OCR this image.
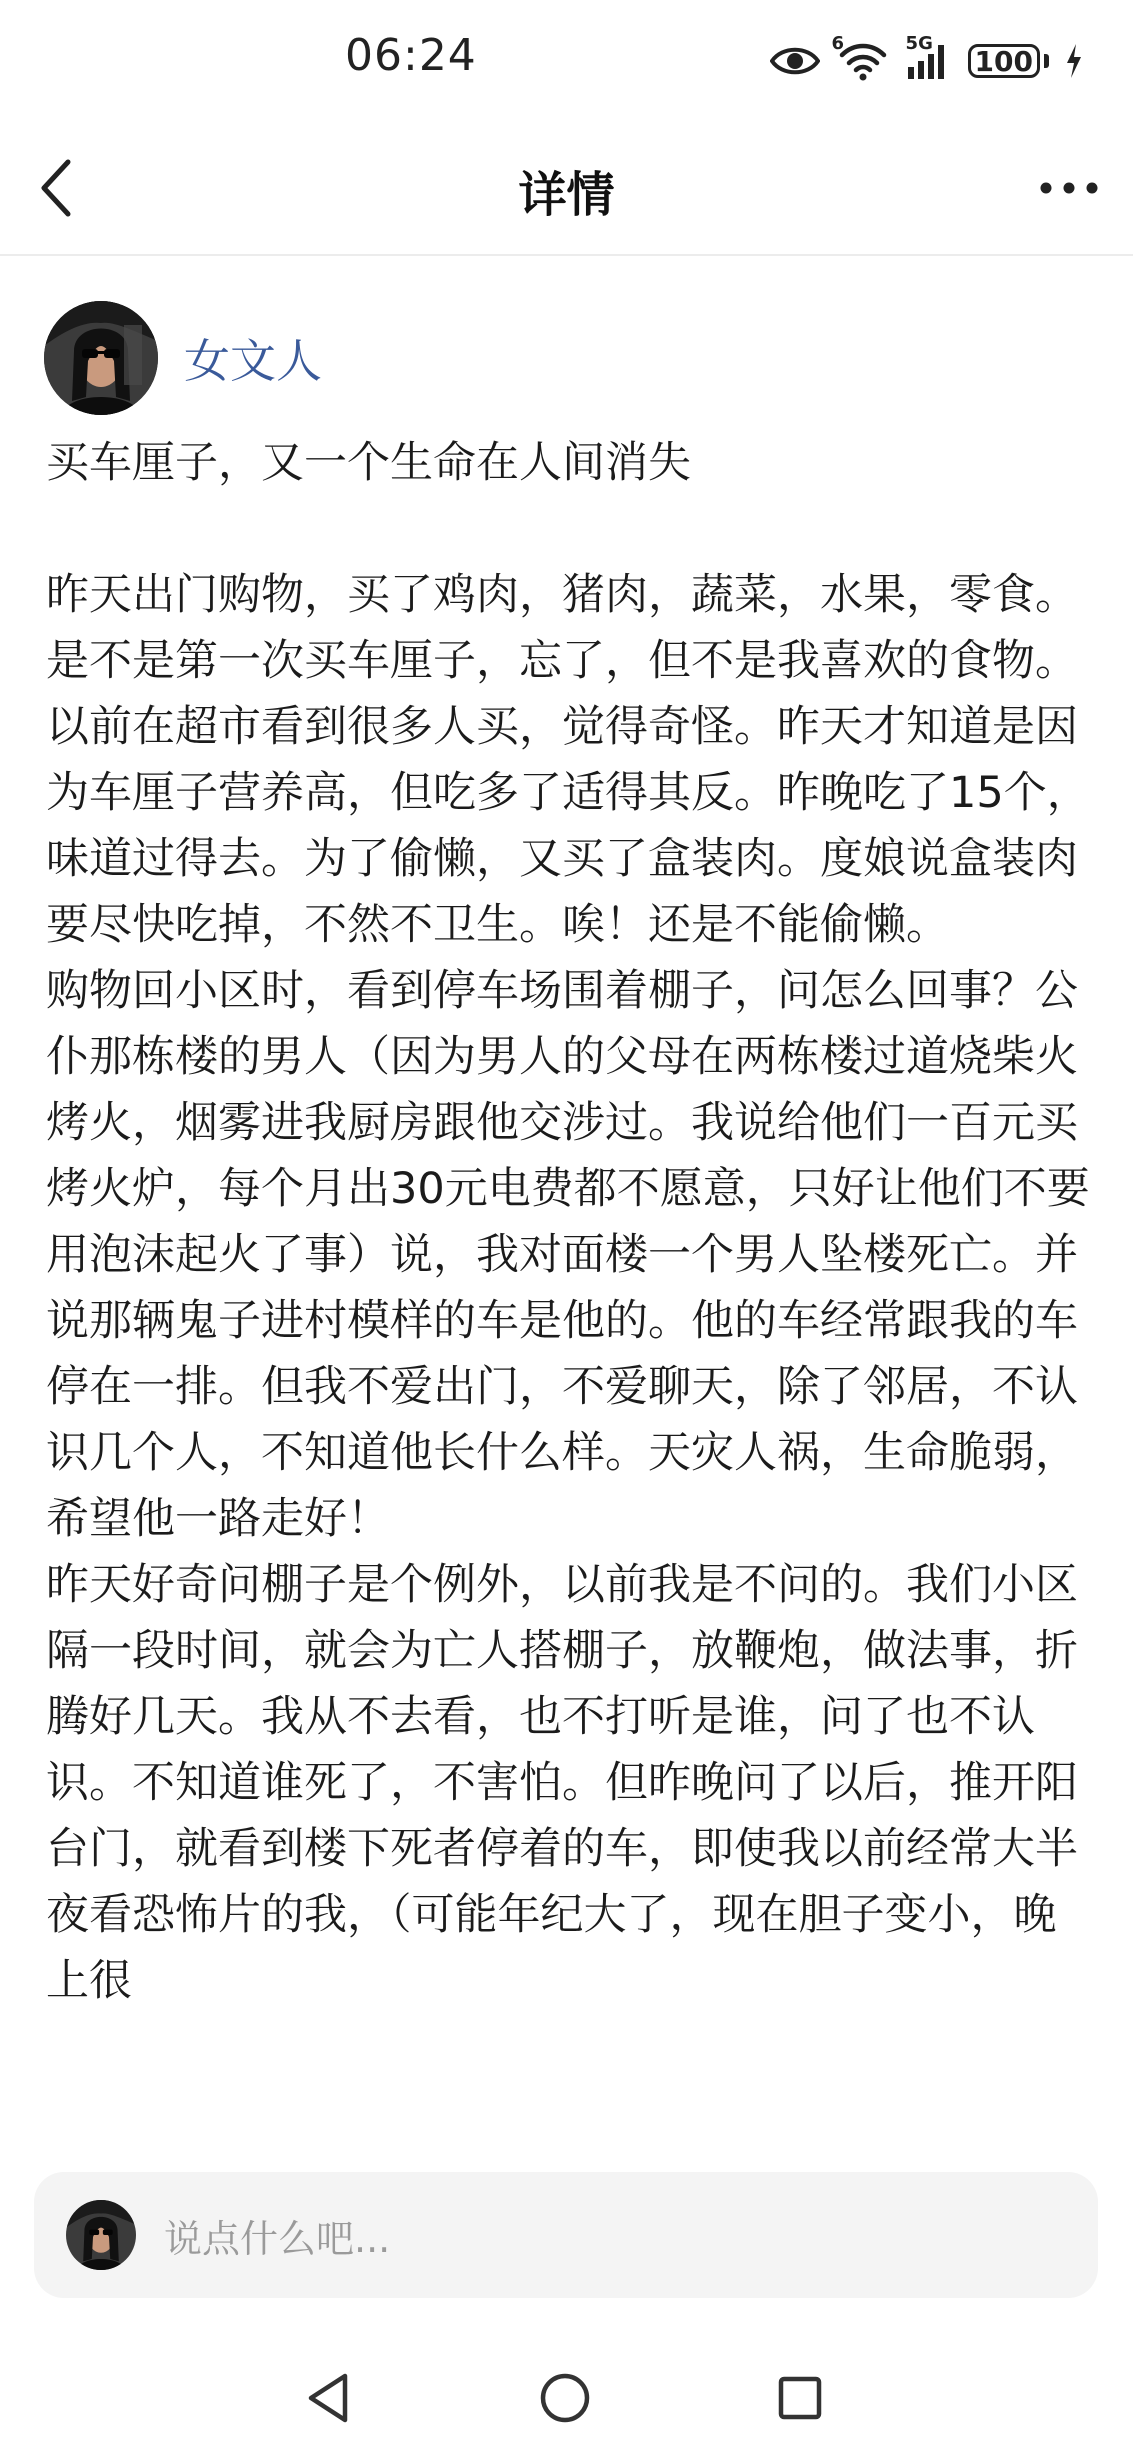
06:24	6	5G
100
详情
女文人

买车厘子，又一个生命在人间消失

昨天出门购物，买了鸡肉，猪肉，蔬菜，水果，零食。是不是第一次买车厘子，忘了，但不是我喜欢的食物。以前在超市看到很多人买，觉得奇怪。昨天才知道是因为车厘子营养高，但吃多了适得其反。昨晚吃了15个，味道过得去。为了偷懒，又买了盒装肉。度娘说盒装肉要尽快吃掉，不然不卫生。唉！还是不能偷懒。

购物回小区时，看到停车场围着棚子，问怎么回事？公仆那栋楼的男人（因为男人的父母在两栋楼过道烧柴火烤火，烟雾进我厨房跟他交涉过。我说给他们一百元买烤火炉，每个月出30元电费都不愿意，只好让他们不要用泡沫起火了事）说，我对面楼一个男人坠楼死亡。并说那辆鬼子进村模样的车是他的。他的车经常跟我的车停在一排。但我不爱出门，不爱聊天，除了邻居，不认识几个人，不知道他长什么样。天灾人祸，生命脆弱，希望他一路走好！

昨天好奇问棚子是个例外，以前我是不问的。我们小区隔一段时间，就会为亡人搭棚子，放鞭炮，做法事，折腾好几天。我从不去看，也不打听是谁，问了也不认识。不知道谁死了，不害怕。但昨晚问了以后，推开阳台门，就看到楼下死者停着的车，即使我以前经常大半夜看恐怖片的我，（可能年纪大了，现在胆子变小，晚上很

说点什么吧...
